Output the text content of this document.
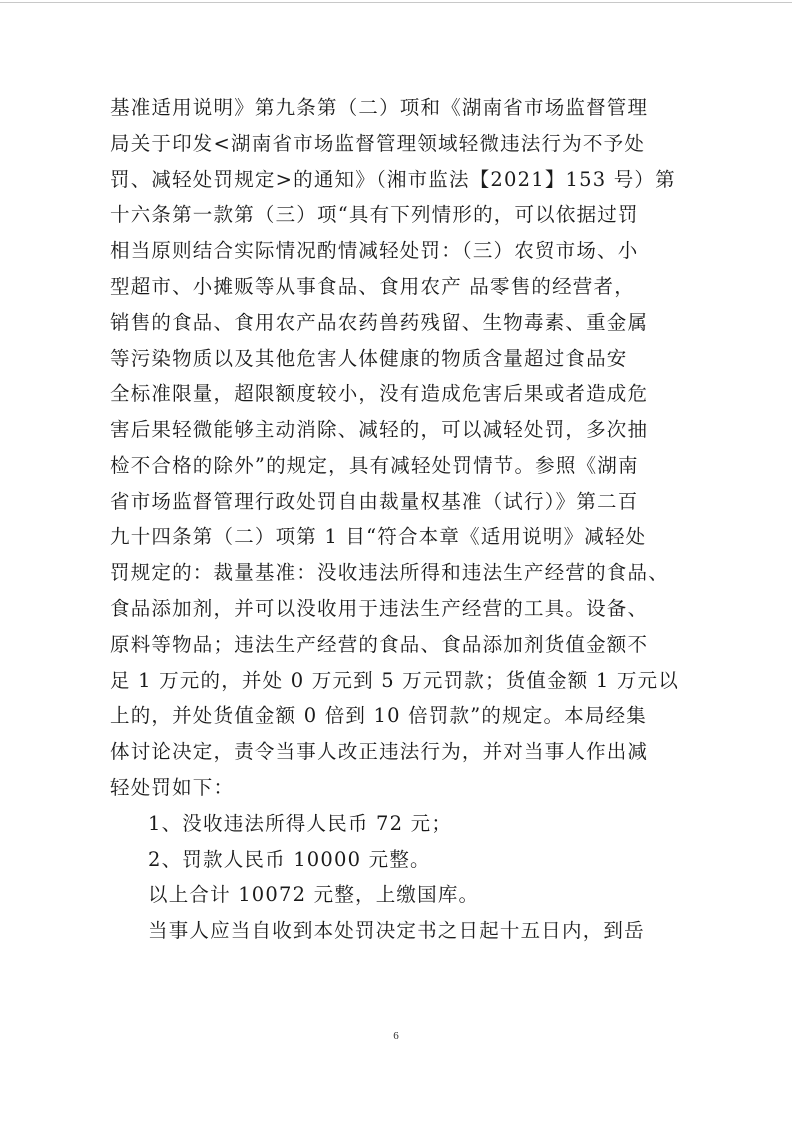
基准适用说明》第九条第（二）项和《湖南省市场监督管理
局关于印发<湖南省市场监督管理领域轻微违法行为不予处
罚、减轻处罚规定>的通知》（湘市监法【2021】153 号）第
十六条第一款第（三）项“具有下列情形的，可以依据过罚
相当原则结合实际情况酌情减轻处罚：（三）农贸市场、小
型超市、小摊贩等从事食品、食用农产 品零售的经营者，
销售的食品、食用农产品农药兽药残留、生物毒素、重金属
等污染物质以及其他危害人体健康的物质含量超过食品安
全标准限量，超限额度较小，没有造成危害后果或者造成危
害后果轻微能够主动消除、减轻的，可以减轻处罚，多次抽
检不合格的除外”的规定，具有减轻处罚情节。参照《湖南
省市场监督管理行政处罚自由裁量权基准（试行）》第二百
九十四条第（二）项第 1 目“符合本章《适用说明》减轻处
罚规定的：裁量基准：没收违法所得和违法生产经营的食品、
食品添加剂，并可以没收用于违法生产经营的工具。设备、
原料等物品；违法生产经营的食品、食品添加剂货值金额不
足 1 万元的，并处 0 万元到 5 万元罚款；货值金额 1 万元以
上的，并处货值金额 0 倍到 10 倍罚款”的规定。本局经集
体讨论决定，责令当事人改正违法行为，并对当事人作出减
轻处罚如下：
1、没收违法所得人民币 72 元；
2、罚款人民币 10000 元整。
以上合计 10072 元整，上缴国库。
当事人应当自收到本处罚决定书之日起十五日内，到岳
6
